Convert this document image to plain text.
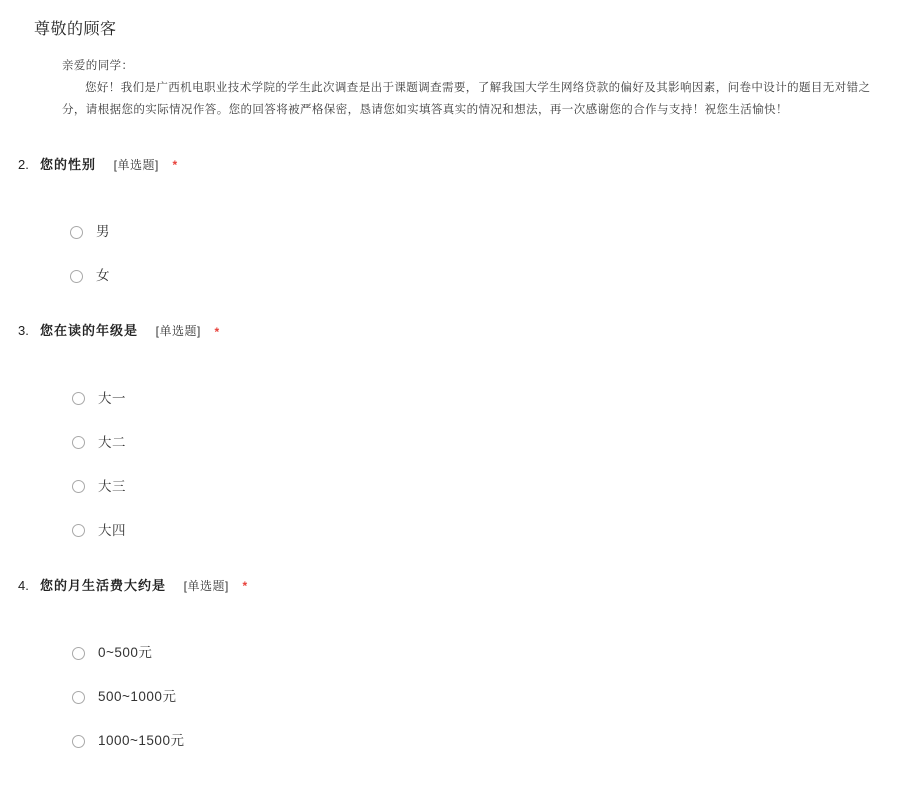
尊敬的顾客

亲爱的同学：

您好！我们是广西机电职业技术学院的学生此次调查是出于课题调查需要，了解我国大学生网络贷款的偏好及其影响因素，问卷中设计的题目无对错之分，请根据您的实际情况作答。您的回答将被严格保密，恳请您如实填答真实的情况和想法，再一次感谢您的合作与支持！祝您生活愉快！

2. 您的性别 [单选题] *
男
女
3. 您在读的年级是 [单选题] *
大一
大二
大三
大四
4. 您的月生活费大约是 [单选题] *
0~500元
500~1000元
1000~1500元
